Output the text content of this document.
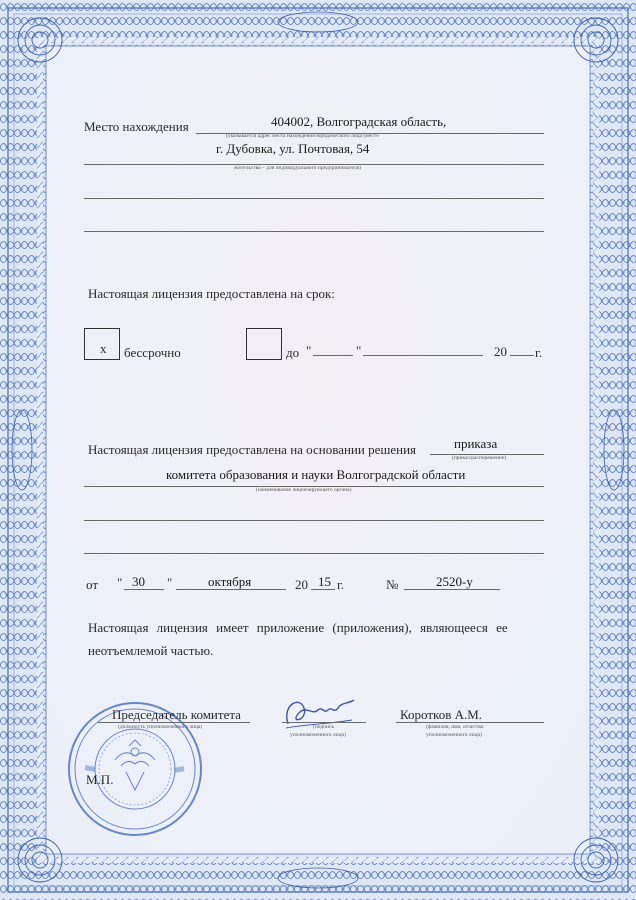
Место нахождения	404002, Волгоградская область,
(указывается адрес места нахождения юридического лица (место
г. Дубовка, ул. Почтовая, 54
жительства – для индивидуального предпринимателя)
Настоящая лицензия предоставлена на срок:
x бессрочно	до "	"	20 г.
Настоящая лицензия предоставлена на основании решения	приказа
(приказ/распоряжение)
комитета образования и науки Волгоградской области
(наименование лицензирующего органа)
от " 30 "	октября	20 15 г.	№	2520-у
Настоящая лицензия имеет приложение (приложения), являющееся ее
неотъемлемой частью.
Председатель комитета
(должность уполномоченного лица)	(подпись
уполномоченного лица)
Коротков А.М.
(фамилия, имя, отчество
уполномоченного лица)
М.П.
